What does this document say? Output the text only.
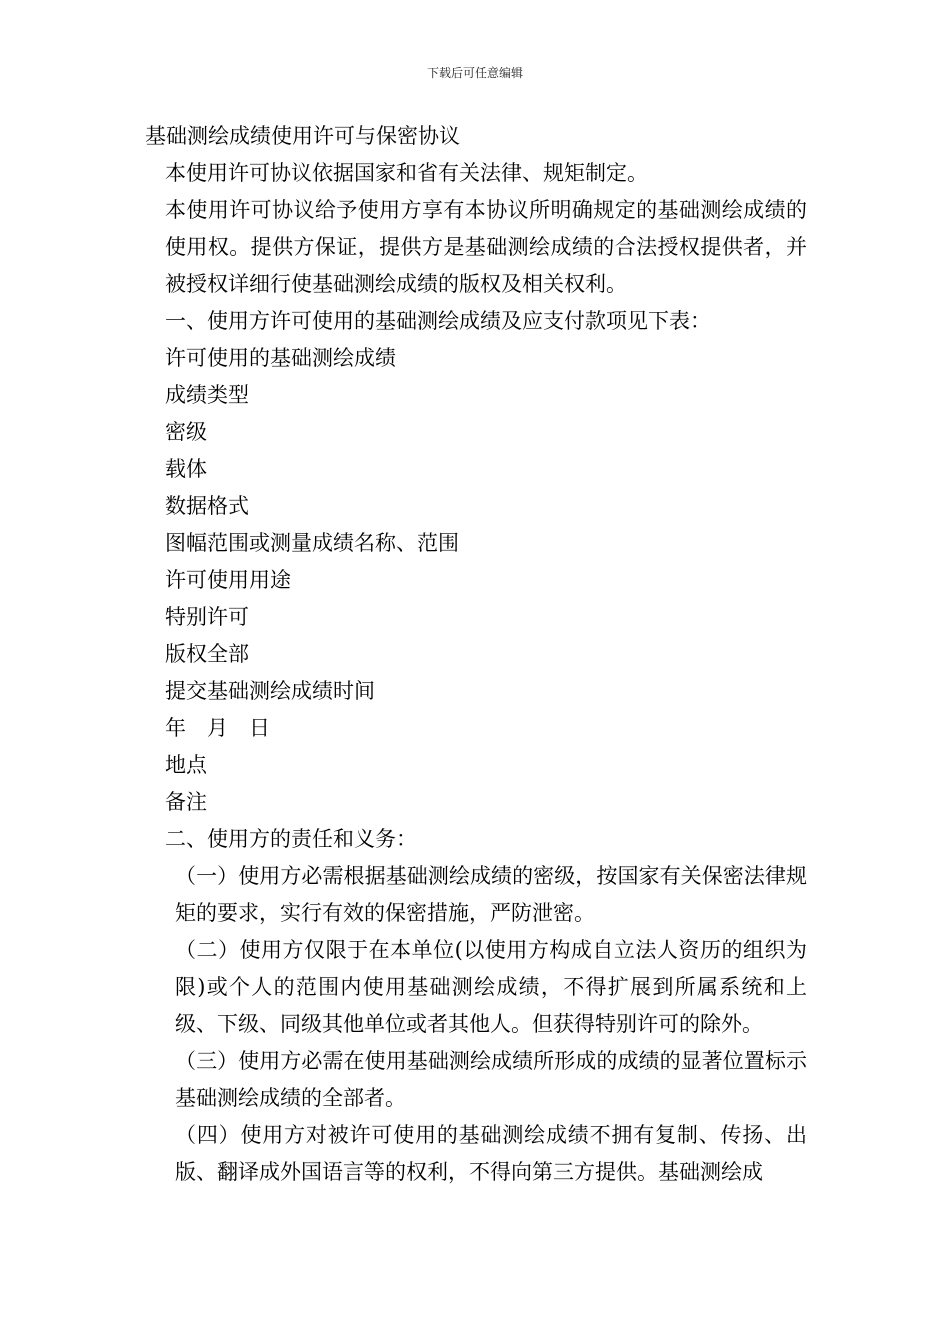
下载后可任意编辑

基础测绘成绩使用许可与保密协议

本使用许可协议依据国家和省有关法律、规矩制定。

本使用许可协议给予使用方享有本协议所明确规定的基础测绘成绩的使用权。提供方保证，提供方是基础测绘成绩的合法授权提供者，并被授权详细行使基础测绘成绩的版权及相关权利。

一、使用方许可使用的基础测绘成绩及应支付款项见下表：

许可使用的基础测绘成绩

成绩类型

密级

载体

数据格式

图幅范围或测量成绩名称、范围

许可使用用途

特别许可

版权全部

提交基础测绘成绩时间

年　月　日

地点

备注

二、使用方的责任和义务：

（一）使用方必需根据基础测绘成绩的密级，按国家有关保密法律规矩的要求，实行有效的保密措施，严防泄密。

（二）使用方仅限于在本单位(以使用方构成自立法人资历的组织为限)或个人的范围内使用基础测绘成绩，不得扩展到所属系统和上级、下级、同级其他单位或者其他人。但获得特别许可的除外。

（三）使用方必需在使用基础测绘成绩所形成的成绩的显著位置标示基础测绘成绩的全部者。

（四）使用方对被许可使用的基础测绘成绩不拥有复制、传扬、出版、翻译成外国语言等的权利，不得向第三方提供。基础测绘成
